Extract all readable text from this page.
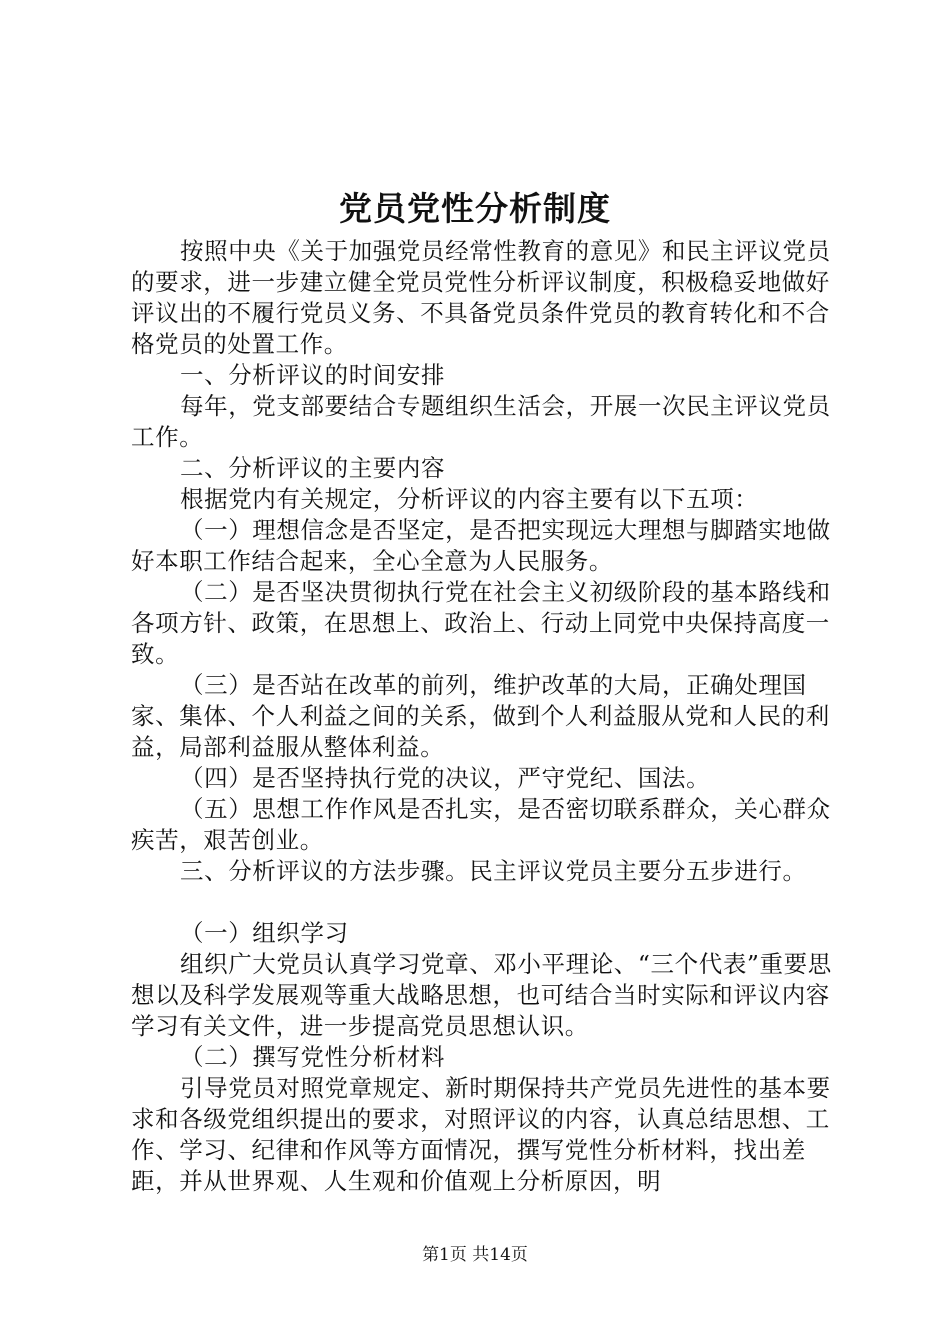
党员党性分析制度

按照中央《关于加强党员经常性教育的意见》和民主评议党员的要求，进一步建立健全党员党性分析评议制度，积极稳妥地做好评议出的不履行党员义务、不具备党员条件党员的教育转化和不合格党员的处置工作。

一、分析评议的时间安排

每年，党支部要结合专题组织生活会，开展一次民主评议党员工作。

二、分析评议的主要内容

根据党内有关规定，分析评议的内容主要有以下五项：

（一）理想信念是否坚定，是否把实现远大理想与脚踏实地做好本职工作结合起来，全心全意为人民服务。

（二）是否坚决贯彻执行党在社会主义初级阶段的基本路线和各项方针、政策，在思想上、政治上、行动上同党中央保持高度一致。

（三）是否站在改革的前列，维护改革的大局，正确处理国家、集体、个人利益之间的关系，做到个人利益服从党和人民的利益，局部利益服从整体利益。

（四）是否坚持执行党的决议，严守党纪、国法。

（五）思想工作作风是否扎实，是否密切联系群众，关心群众疾苦，艰苦创业。

三、分析评议的方法步骤。民主评议党员主要分五步进行。

（一）组织学习

组织广大党员认真学习党章、邓小平理论、“三个代表”重要思想以及科学发展观等重大战略思想，也可结合当时实际和评议内容学习有关文件，进一步提高党员思想认识。

（二）撰写党性分析材料

引导党员对照党章规定、新时期保持共产党员先进性的基本要求和各级党组织提出的要求，对照评议的内容，认真总结思想、工作、学习、纪律和作风等方面情况，撰写党性分析材料，找出差距，并从世界观、人生观和价值观上分析原因，明

第1页 共14页
